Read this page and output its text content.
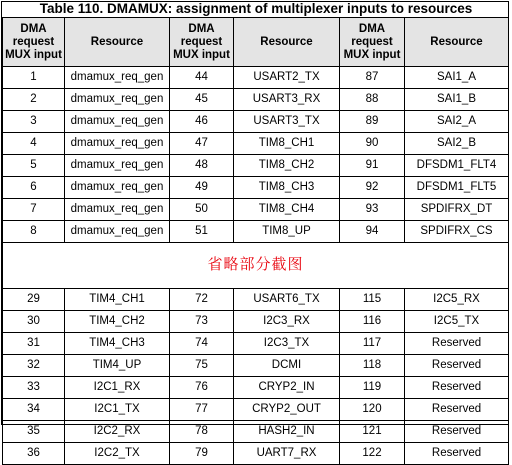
Table 110. DMAMUX: assignment of multiplexer inputs to resources
DMA request MUX input	Resource	DMA request MUX input	Resource	DMA request MUX input	Resource
1	dmamux_req_gen	44	USART2_TX	87	SAI1_A
2	dmamux_req_gen	45	USART3_RX	88	SAI1_B
3	dmamux_req_gen	46	USART3_TX	89	SAI2_A
4	dmamux_req_gen	47	TIM8_CH1	90	SAI2_B
5	dmamux_req_gen	48	TIM8_CH2	91	DFSDM1_FLT4
6	dmamux_req_gen	49	TIM8_CH3	92	DFSDM1_FLT5
7	dmamux_req_gen	50	TIM8_CH4	93	SPDIFRX_DT
8	dmamux_req_gen	51	TIM8_UP	94	SPDIFRX_CS
省略部分截图					
29	TIM4_CH1	72	USART6_TX	115	I2C5_RX
30	TIM4_CH2	73	I2C3_RX	116	I2C5_TX
31	TIM4_CH3	74	I2C3_TX	117	Reserved
32	TIM4_UP	75	DCMI	118	Reserved
33	I2C1_RX	76	CRYP2_IN	119	Reserved
34	I2C1_TX	77	CRYP2_OUT	120	Reserved
35	I2C2_RX	78	HASH2_IN	121	Reserved
36	I2C2_TX	79	UART7_RX	122	Reserved
